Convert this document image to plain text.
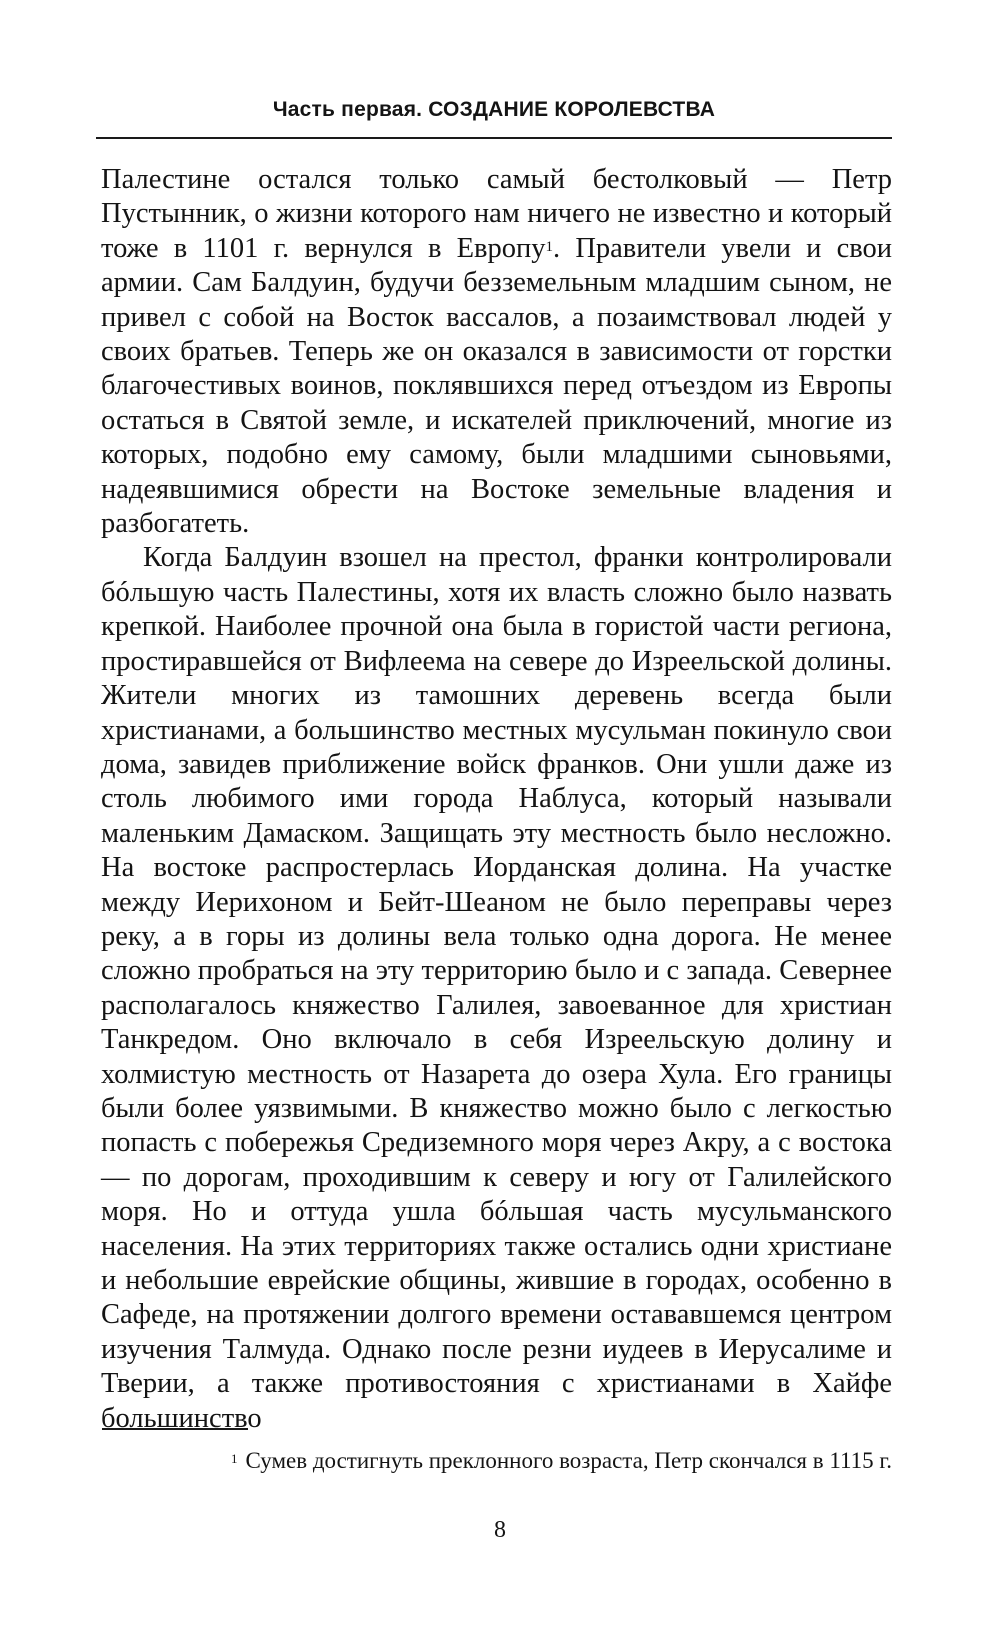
Часть первая. СОЗДАНИЕ КОРОЛЕВСТВА

Палестине остался только самый бестолковый — Петр Пустынник, о жизни которого нам ничего не известно и который тоже в 1101 г. вернулся в Европу$^1$. Правители увели и свои армии. Сам Балдуин, будучи безземельным младшим сыном, не привел с собой на Восток вассалов, а позаимствовал людей у своих братьев. Теперь же он оказался в зависимости от горстки благочестивых воинов, поклявшихся перед отъездом из Европы остаться в Святой земле, и искателей приключений, многие из которых, подобно ему самому, были младшими сыновьями, надеявшимися обрести на Востоке земельные владения и разбогатеть.

Когда Балдуин взошел на престол, франки контролировали бóльшую часть Палестины, хотя их власть сложно было назвать крепкой. Наиболее прочной она была в гористой части региона, простиравшейся от Вифлеема на севере до Изреельской долины. Жители многих из тамошних деревень всегда были христианами, а большинство местных мусульман покинуло свои дома, завидев приближение войск франков. Они ушли даже из столь любимого ими города Наблуса, который называли маленьким Дамаском. Защищать эту местность было несложно. На востоке распростерлась Иорданская долина. На участке между Иерихоном и Бейт-Шеаном не было переправы через реку, а в горы из долины вела только одна дорога. Не менее сложно пробраться на эту территорию было и с запада. Севернее располагалось княжество Галилея, завоеванное для христиан Танкредом. Оно включало в себя Изреельскую долину и холмистую местность от Назарета до озера Хула. Его границы были более уязвимыми. В княжество можно было с легкостью попасть с побережья Средиземного моря через Акру, а с востока — по дорогам, проходившим к северу и югу от Галилейского моря. Но и оттуда ушла бóльшая часть мусульманского населения. На этих территориях также остались одни христиане и небольшие еврейские общины, жившие в городах, особенно в Сафеде, на протяжении долгого времени остававшемся центром изучения Талмуда. Однако после резни иудеев в Иерусалиме и Тверии, а также противостояния с христианами в Хайфе большинство

$^1$ Сумев достигнуть преклонного возраста, Петр скончался в 1115 г.
8
